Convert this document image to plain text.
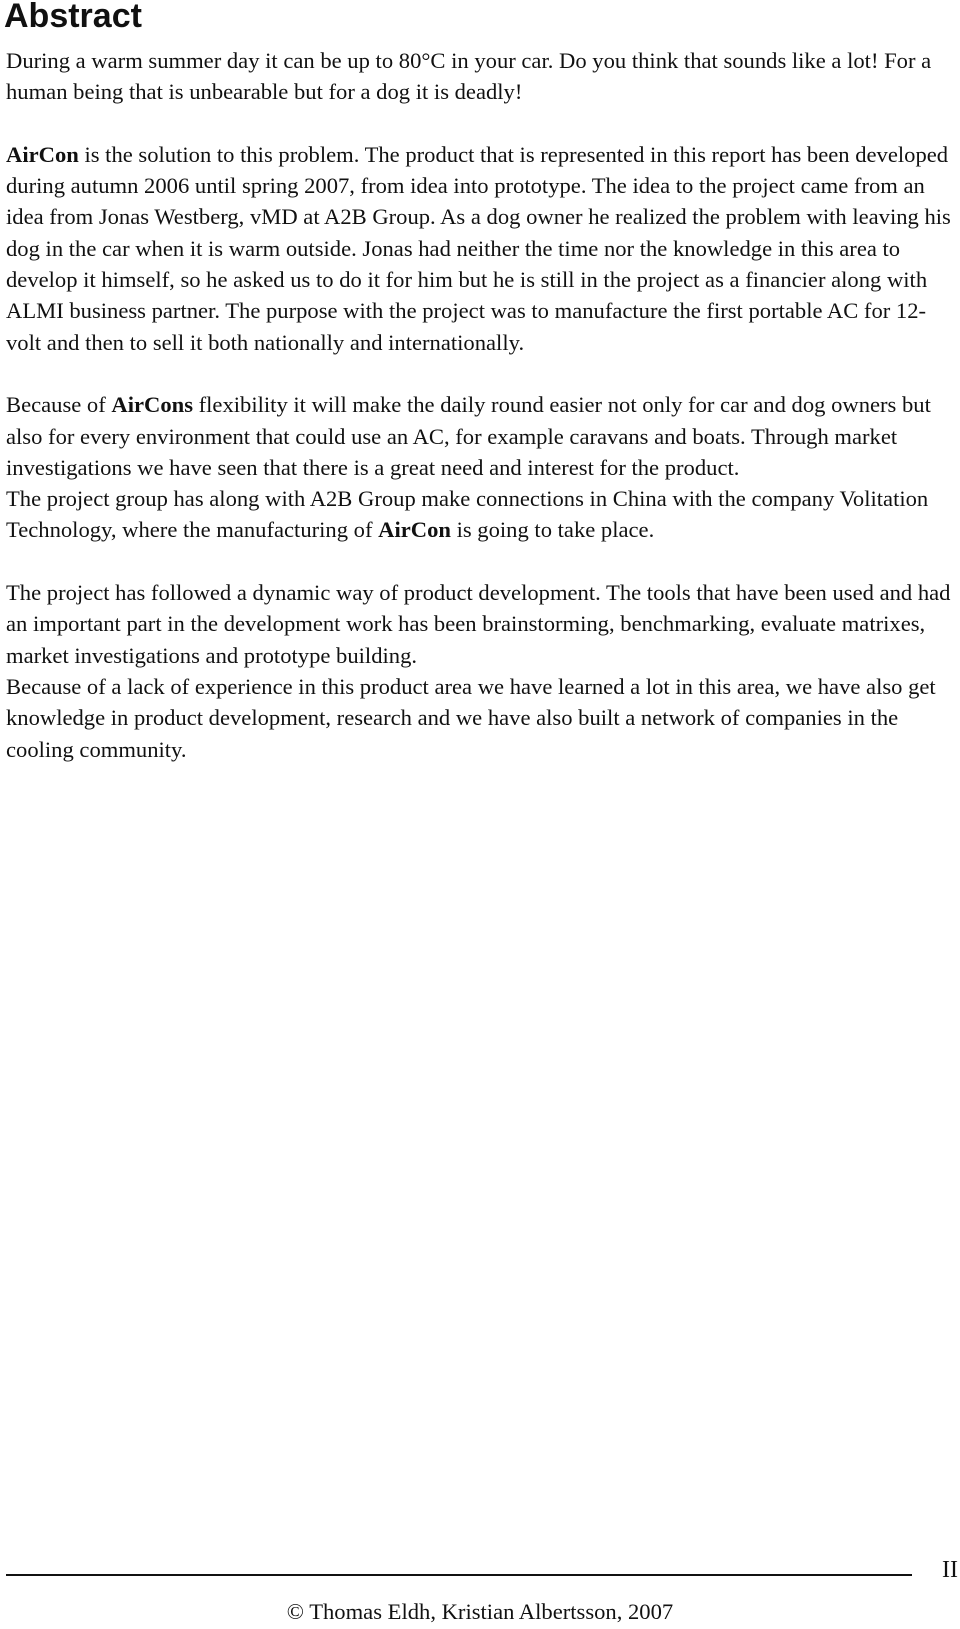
Abstract

During a warm summer day it can be up to 80°C in your car. Do you think that sounds like a lot! For a human being that is unbearable but for a dog it is deadly!

AirCon is the solution to this problem. The product that is represented in this report has been developed during autumn 2006 until spring 2007, from idea into prototype. The idea to the project came from an idea from Jonas Westberg, vMD at A2B Group. As a dog owner he realized the problem with leaving his dog in the car when it is warm outside. Jonas had neither the time nor the knowledge in this area to develop it himself, so he asked us to do it for him but he is still in the project as a financier along with ALMI business partner. The purpose with the project was to manufacture the first portable AC for 12-volt and then to sell it both nationally and internationally.

Because of AirCons flexibility it will make the daily round easier not only for car and dog owners but also for every environment that could use an AC, for example caravans and boats. Through market investigations we have seen that there is a great need and interest for the product.

The project group has along with A2B Group make connections in China with the company Volitation Technology, where the manufacturing of AirCon is going to take place.

The project has followed a dynamic way of product development. The tools that have been used and had an important part in the development work has been brainstorming, benchmarking, evaluate matrixes, market investigations and prototype building.

Because of a lack of experience in this product area we have learned a lot in this area, we have also get knowledge in product development, research and we have also built a network of companies in the cooling community.

II
© Thomas Eldh, Kristian Albertsson, 2007
